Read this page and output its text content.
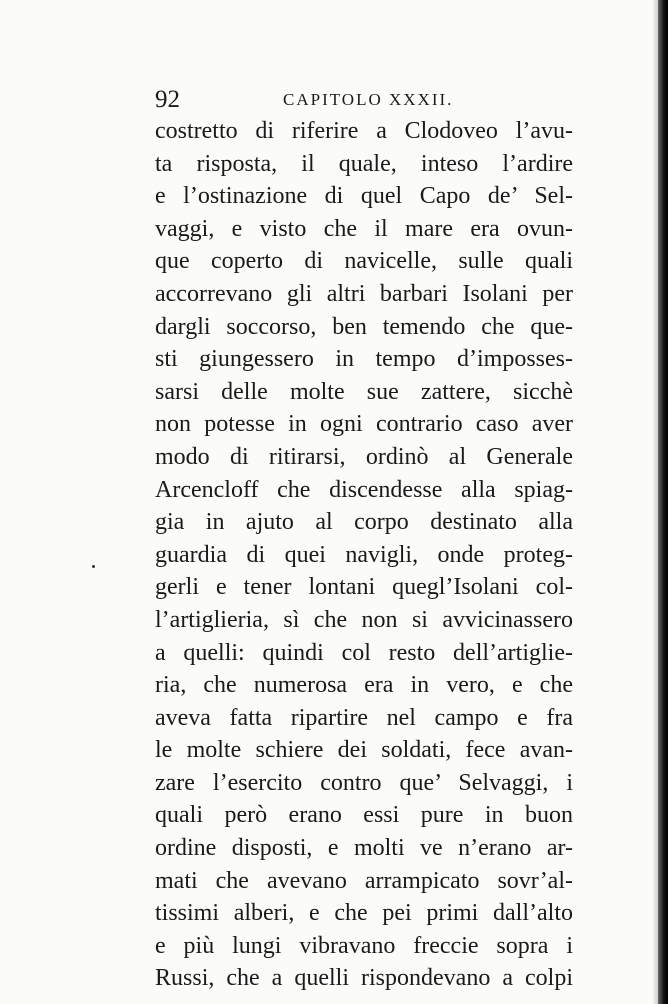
92	CAPITOLO XXXII.
costretto di riferire a Clodoveo l’avu-
ta risposta, il quale, inteso l’ardire
e l’ostinazione di quel Capo de’ Sel-
vaggi, e visto che il mare era ovun-
que coperto di navicelle, sulle quali
accorrevano gli altri barbari Isolani per
dargli soccorso, ben temendo che que-
sti giungessero in tempo d’imposses-
sarsi delle molte sue zattere, sicchè
non potesse in ogni contrario caso aver
modo di ritirarsi, ordinò al Generale
Arcencloff che discendesse alla spiag-
gia in ajuto al corpo destinato alla
guardia di quei navigli, onde proteg-
gerli e tener lontani quegl’Isolani col-
l’artiglieria, sì che non si avvicinassero
a quelli: quindi col resto dell’artiglie-
ria, che numerosa era in vero, e che
aveva fatta ripartire nel campo e fra
le molte schiere dei soldati, fece avan-
zare l’esercito contro que’ Selvaggi, i
quali però erano essi pure in buon
ordine disposti, e molti ve n’erano ar-
mati che avevano arrampicato sovr’al-
tissimi alberi, e che pei primi dall’alto
e più lungi vibravano freccie sopra i
Russi, che a quelli rispondevano a colpi
